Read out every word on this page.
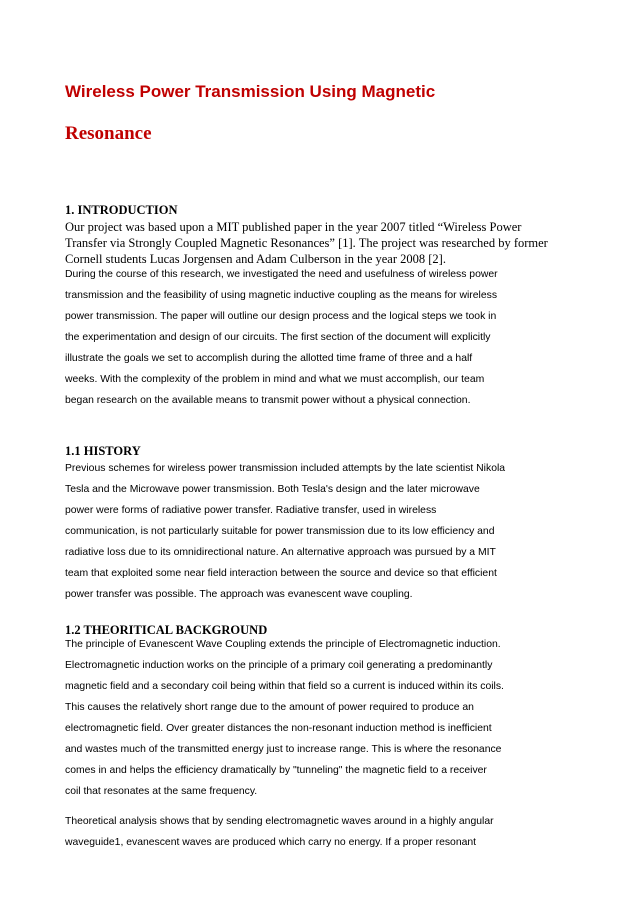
Wireless Power Transmission Using Magnetic
Resonance
1. INTRODUCTION

Our project was based upon a MIT published paper in the year 2007 titled “Wireless Power

Transfer via Strongly Coupled Magnetic Resonances” [1]. The project was researched by former

Cornell students Lucas Jorgensen and Adam Culberson in the year 2008 [2].

During the course of this research, we investigated the need and usefulness of wireless power

transmission and the feasibility of using magnetic inductive coupling as the means for wireless

power transmission. The paper will outline our design process and the logical steps we took in

the experimentation and design of our circuits. The first section of the document will explicitly

illustrate the goals we set to accomplish during the allotted time frame of three and a half

weeks. With the complexity of the problem in mind and what we must accomplish, our team

began research on the available means to transmit power without a physical connection.

1.1 HISTORY

Previous schemes for wireless power transmission included attempts by the late scientist Nikola

Tesla and the Microwave power transmission. Both Tesla's design and the later microwave

power were forms of radiative power transfer. Radiative transfer, used in wireless

communication, is not particularly suitable for power transmission due to its low efficiency and

radiative loss due to its omnidirectional nature. An alternative approach was pursued by a MIT

team that exploited some near field interaction between the source and device so that efficient

power transfer was possible. The approach was evanescent wave coupling.

1.2 THEORITICAL BACKGROUND

The principle of Evanescent Wave Coupling extends the principle of Electromagnetic induction.

Electromagnetic induction works on the principle of a primary coil generating a predominantly

magnetic field and a secondary coil being within that field so a current is induced within its coils.

This causes the relatively short range due to the amount of power required to produce an

electromagnetic field. Over greater distances the non-resonant induction method is inefficient

and wastes much of the transmitted energy just to increase range. This is where the resonance

comes in and helps the efficiency dramatically by "tunneling" the magnetic field to a receiver

coil that resonates at the same frequency.

Theoretical analysis shows that by sending electromagnetic waves around in a highly angular

waveguide1, evanescent waves are produced which carry no energy. If a proper resonant
